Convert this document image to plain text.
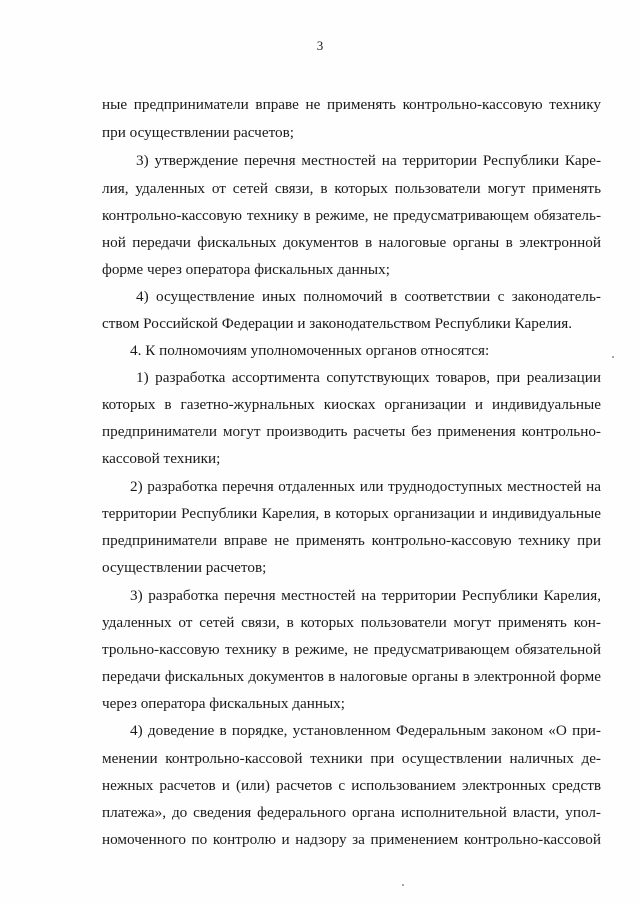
3
ные предприниматели вправе не применять контрольно-кассовую технику
при осуществлении расчетов;
3) утверждение перечня местностей на территории Республики Каре-
лия, удаленных от сетей связи, в которых пользователи могут применять
контрольно-кассовую технику в режиме, не предусматривающем обязатель-
ной передачи фискальных документов в налоговые органы в электронной
форме через оператора фискальных данных;
4) осуществление иных полномочий в соответствии с законодатель-
ством Российской Федерации и законодательством Республики Карелия.
4. К полномочиям уполномоченных органов относятся:
1) разработка ассортимента сопутствующих товаров, при реализации
которых в газетно-журнальных киосках организации и индивидуальные
предприниматели могут производить расчеты без применения контрольно-
кассовой техники;
2) разработка перечня отдаленных или труднодоступных местностей на
территории Республики Карелия, в которых организации и индивидуальные
предприниматели вправе не применять контрольно-кассовую технику при
осуществлении расчетов;
3) разработка перечня местностей на территории Республики Карелия,
удаленных от сетей связи, в которых пользователи могут применять кон-
трольно-кассовую технику в режиме, не предусматривающем обязательной
передачи фискальных документов в налоговые органы в электронной форме
через оператора фискальных данных;
4) доведение в порядке, установленном Федеральным законом «О при-
менении контрольно-кассовой техники при осуществлении наличных де-
нежных расчетов и (или) расчетов с использованием электронных средств
платежа», до сведения федерального органа исполнительной власти, упол-
номоченного по контролю и надзору за применением контрольно-кассовой
